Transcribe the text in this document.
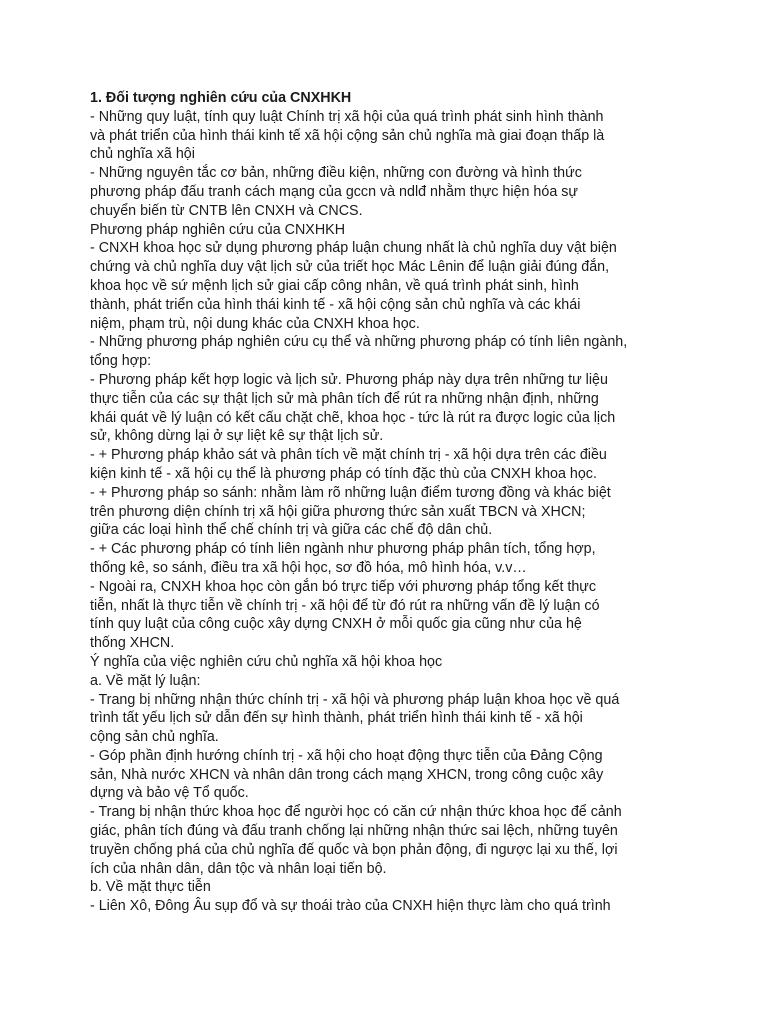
1. Đối tượng nghiên cứu của CNXHKH
- Những quy luật, tính quy luật Chính trị xã hội của quá trình phát sinh hình thành
và phát triển của hình thái kinh tế xã hội cộng sản chủ nghĩa mà giai đoạn thấp là
chủ nghĩa xã hội
- Những nguyên tắc cơ bản, những điều kiện, những con đường và hình thức
phương pháp đấu tranh cách mạng của gccn và ndlđ nhằm thực hiện hóa sự
chuyển biến từ CNTB lên CNXH và CNCS.
Phương pháp nghiên cứu của CNXHKH
- CNXH khoa học sử dụng phương pháp luận chung nhất là chủ nghĩa duy vật biện
chứng và chủ nghĩa duy vật lịch sử của triết học Mác Lênin để luận giải đúng đắn,
khoa học về sứ mệnh lịch sử giai cấp công nhân, về quá trình phát sinh, hình
thành, phát triển của hình thái kinh tế - xã hội cộng sản chủ nghĩa và các khái
niệm, phạm trù, nội dung khác của CNXH khoa học.
- Những phương pháp nghiên cứu cụ thể và những phương pháp có tính liên ngành,
tổng hợp:
- Phương pháp kết hợp logic và lịch sử. Phương pháp này dựa trên những tư liệu
thực tiễn của các sự thật lịch sử mà phân tích để rút ra những nhận định, những
khái quát về lý luận có kết cấu chặt chẽ, khoa học - tức là rút ra được logic của lịch
sử, không dừng lại ở sự liệt kê sự thật lịch sử.
- + Phương pháp khảo sát và phân tích về mặt chính trị - xã hội dựa trên các điều
kiện kinh tế - xã hội cụ thể là phương pháp có tính đặc thù của CNXH khoa học.
- + Phương pháp so sánh: nhằm làm rõ những luận điểm tương đồng và khác biệt
trên phương diện chính trị xã hội giữa phương thức sản xuất TBCN và XHCN;
giữa các loại hình thể chế chính trị và giữa các chế độ dân chủ.
- + Các phương pháp có tính liên ngành như phương pháp phân tích, tổng hợp,
thống kê, so sánh, điều tra xã hội học, sơ đồ hóa, mô hình hóa, v.v…
- Ngoài ra, CNXH khoa học còn gắn bó trực tiếp với phương pháp tổng kết thực
tiễn, nhất là thực tiễn về chính trị - xã hội để từ đó rút ra những vấn đề lý luận có
tính quy luật của công cuộc xây dựng CNXH ở mỗi quốc gia cũng như của hệ
thống XHCN.
Ý nghĩa của việc nghiên cứu chủ nghĩa xã hội khoa học
a. Về mặt lý luận:
- Trang bị những nhận thức chính trị - xã hội và phương pháp luận khoa học về quá
trình tất yếu lịch sử dẫn đến sự hình thành, phát triển hình thái kinh tế - xã hội
cộng sản chủ nghĩa.
- Góp phần định hướng chính trị - xã hội cho hoạt động thực tiễn của Đảng Cộng
sản, Nhà nước XHCN và nhân dân trong cách mạng XHCN, trong công cuộc xây
dựng và bảo vệ Tổ quốc.
- Trang bị nhận thức khoa học để người học có căn cứ nhận thức khoa học để cảnh
giác, phân tích đúng và đấu tranh chống lại những nhận thức sai lệch, những tuyên
truyền chống phá của chủ nghĩa đế quốc và bọn phản động, đi ngược lại xu thế, lợi
ích của nhân dân, dân tộc và nhân loại tiến bộ.
b. Về mặt thực tiễn
- Liên Xô, Đông Âu sụp đổ và sự thoái trào của CNXH hiện thực làm cho quá trình
